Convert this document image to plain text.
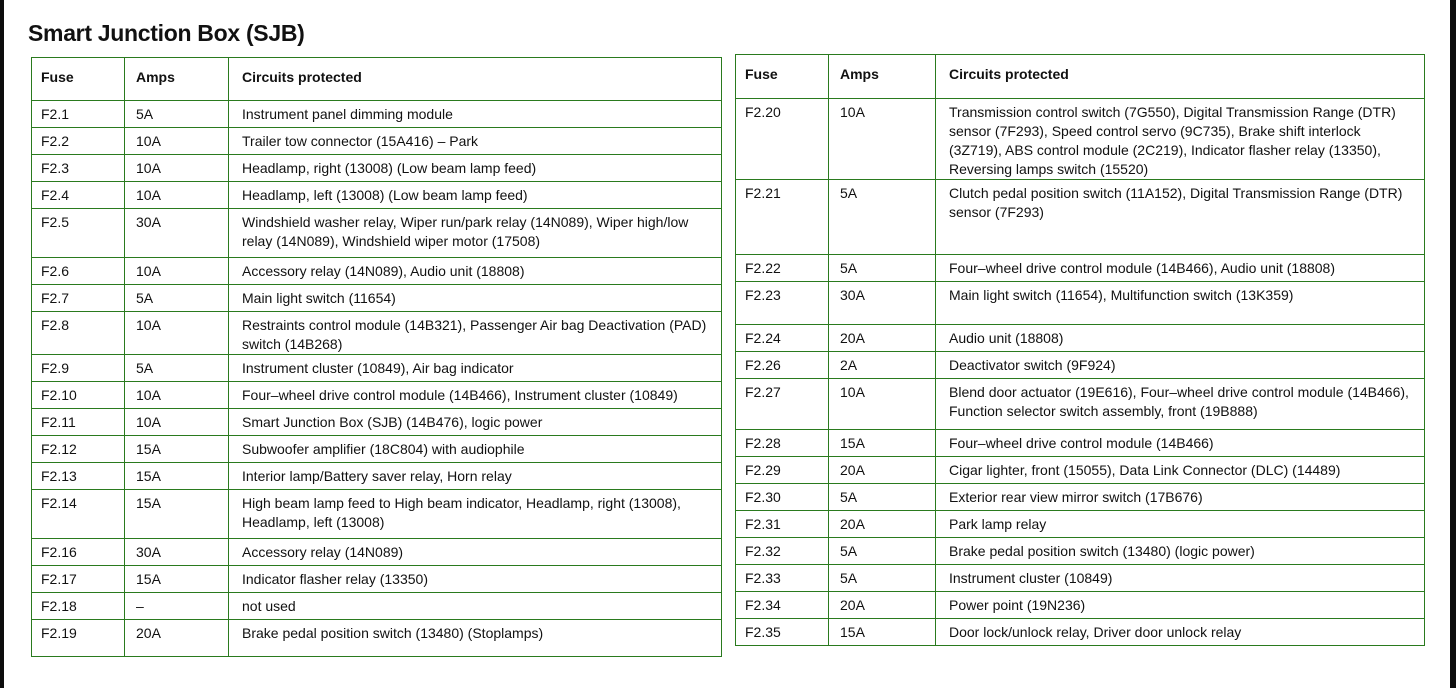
Smart Junction Box (SJB)
Fuse	Amps	Circuits protected
F2.1	5A	Instrument panel dimming module
F2.2	10A	Trailer tow connector (15A416) – Park
F2.3	10A	Headlamp, right (13008) (Low beam lamp feed)
F2.4	10A	Headlamp, left (13008) (Low beam lamp feed)
F2.5	30A	Windshield washer relay, Wiper run/park relay (14N089), Wiper high/low relay (14N089), Windshield wiper motor (17508)
F2.6	10A	Accessory relay (14N089), Audio unit (18808)
F2.7	5A	Main light switch (11654)
F2.8	10A	Restraints control module (14B321), Passenger Air bag Deactivation (PAD) switch (14B268)
F2.9	5A	Instrument cluster (10849), Air bag indicator
F2.10	10A	Four–wheel drive control module (14B466), Instrument cluster (10849)
F2.11	10A	Smart Junction Box (SJB) (14B476), logic power
F2.12	15A	Subwoofer amplifier (18C804) with audiophile
F2.13	15A	Interior lamp/Battery saver relay, Horn relay
F2.14	15A	High beam lamp feed to High beam indicator, Headlamp, right (13008), Headlamp, left (13008)
F2.16	30A	Accessory relay (14N089)
F2.17	15A	Indicator flasher relay (13350)
F2.18	–	not used
F2.19	20A	Brake pedal position switch (13480) (Stoplamps)
Fuse	Amps	Circuits protected
F2.20	10A	Transmission control switch (7G550), Digital Transmission Range (DTR) sensor (7F293), Speed control servo (9C735), Brake shift interlock (3Z719), ABS control module (2C219), Indicator flasher relay (13350), Reversing lamps switch (15520)
F2.21	5A	Clutch pedal position switch (11A152), Digital Transmission Range (DTR) sensor (7F293)
F2.22	5A	Four–wheel drive control module (14B466), Audio unit (18808)
F2.23	30A	Main light switch (11654), Multifunction switch (13K359)
F2.24	20A	Audio unit (18808)
F2.26	2A	Deactivator switch (9F924)
F2.27	10A	Blend door actuator (19E616), Four–wheel drive control module (14B466), Function selector switch assembly, front (19B888)
F2.28	15A	Four–wheel drive control module (14B466)
F2.29	20A	Cigar lighter, front (15055), Data Link Connector (DLC) (14489)
F2.30	5A	Exterior rear view mirror switch (17B676)
F2.31	20A	Park lamp relay
F2.32	5A	Brake pedal position switch (13480) (logic power)
F2.33	5A	Instrument cluster (10849)
F2.34	20A	Power point (19N236)
F2.35	15A	Door lock/unlock relay, Driver door unlock relay
